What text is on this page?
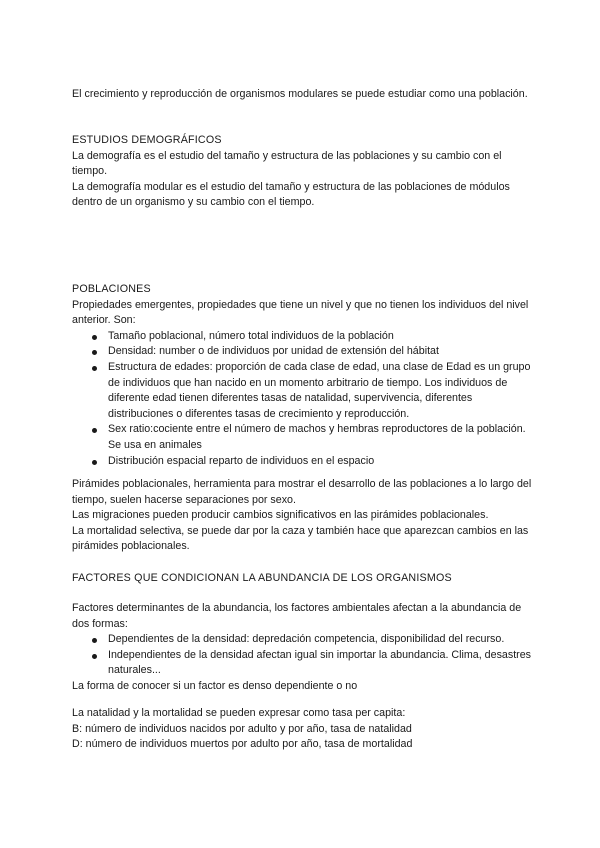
El crecimiento y reproducción de organismos modulares se puede estudiar como una población.

ESTUDIOS DEMOGRÁFICOS

La demografía es el estudio del tamaño y estructura de las poblaciones y su cambio con el tiempo.

La demografía modular es el estudio del tamaño y estructura de las poblaciones de módulos dentro de un organismo y su cambio con el tiempo.

POBLACIONES

Propiedades emergentes, propiedades que tiene un nivel y que no tienen los individuos del nivel anterior. Son:

Tamaño poblacional, número total individuos de la población
Densidad: number o de individuos por unidad de extensión del hábitat
Estructura de edades: proporción de cada clase de edad, una clase de Edad es un grupo de individuos que han nacido en un momento arbitrario de tiempo. Los individuos de diferente edad tienen diferentes tasas de natalidad, supervivencia, diferentes distribuciones o diferentes tasas de crecimiento y reproducción.
Sex ratio:cociente entre el número de machos y hembras reproductores de la población. Se usa en animales
Distribución espacial reparto de individuos en el espacio

Pirámides poblacionales, herramienta para mostrar el desarrollo de las poblaciones a lo largo del tiempo, suelen hacerse separaciones por sexo.

Las migraciones pueden producir cambios significativos en las pirámides poblacionales.

La mortalidad selectiva, se puede dar por la caza y también hace que aparezcan cambios en las pirámides poblacionales.

FACTORES QUE CONDICIONAN LA ABUNDANCIA DE LOS ORGANISMOS

Factores determinantes de la abundancia, los factores ambientales afectan a la abundancia de dos formas:

Dependientes de la densidad: depredación competencia, disponibilidad del recurso.
Independientes de la densidad afectan igual sin importar la abundancia. Clima, desastres naturales...

La forma de conocer si un factor es denso dependiente o no

La natalidad y la mortalidad se pueden expresar como tasa per capita:

B: número de individuos nacidos por adulto y por año, tasa de natalidad

D: número de individuos muertos por adulto por año, tasa de mortalidad
